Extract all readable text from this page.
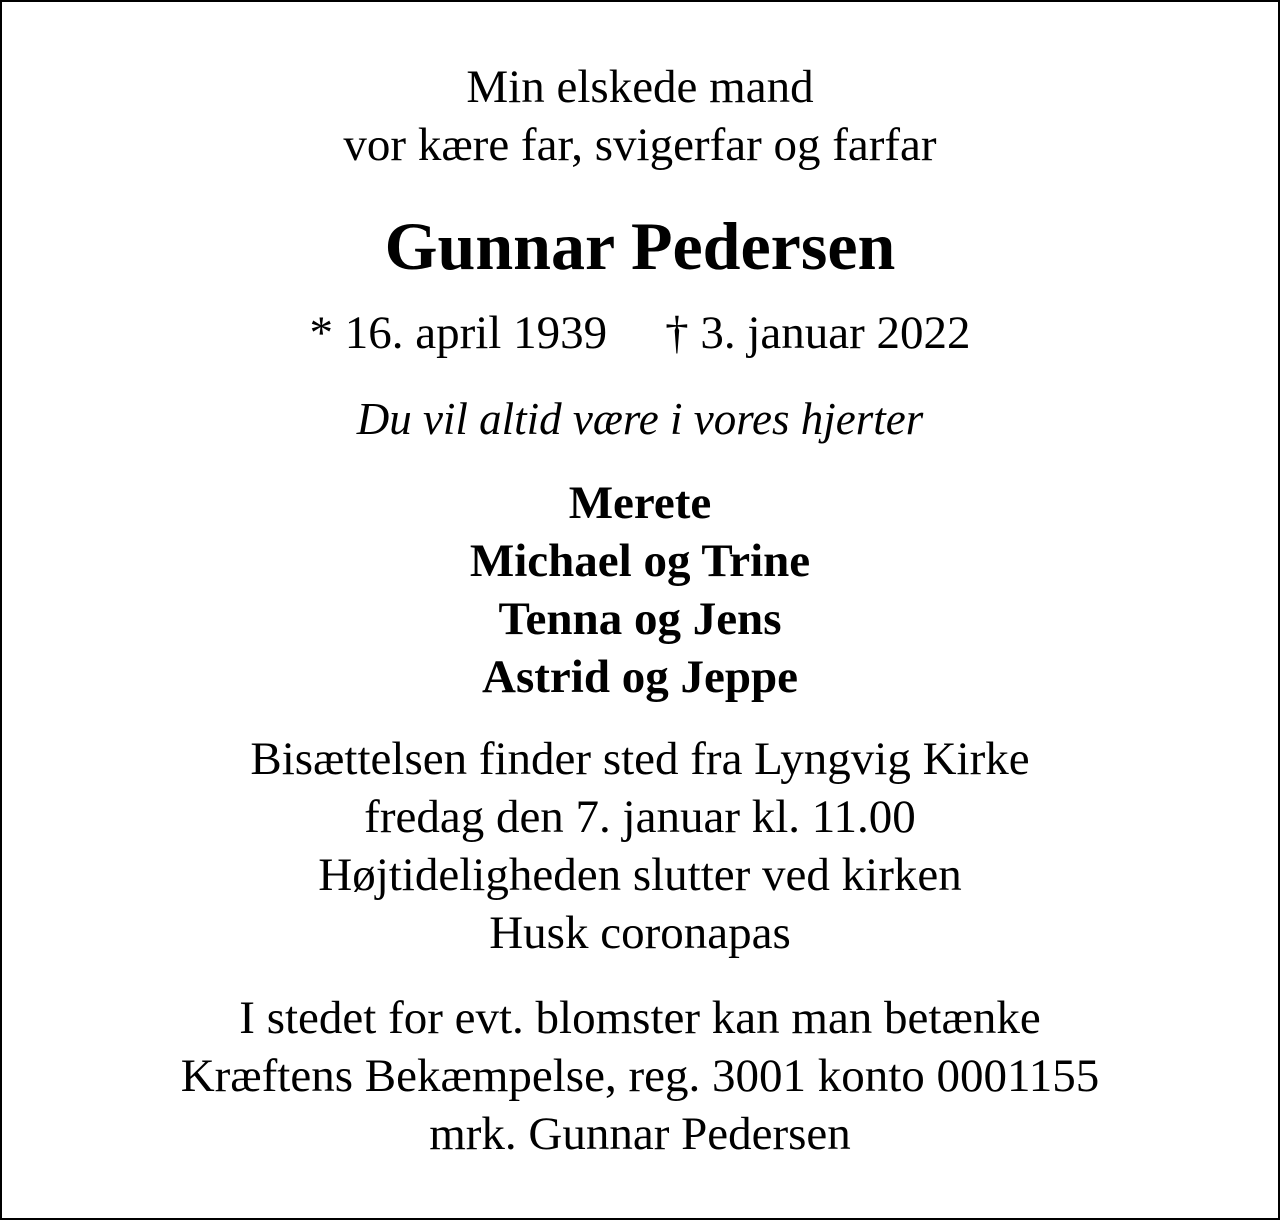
Min elskede mand
vor kære far, svigerfar og farfar
Gunnar Pedersen
* 16. april 1939 † 3. januar 2022
Du vil altid være i vores hjerter
Merete
Michael og Trine
Tenna og Jens
Astrid og Jeppe
Bisættelsen finder sted fra Lyngvig Kirke
fredag den 7. januar kl. 11.00
Højtideligheden slutter ved kirken
Husk coronapas
I stedet for evt. blomster kan man betænke
Kræftens Bekæmpelse, reg. 3001 konto 0001155
mrk. Gunnar Pedersen
